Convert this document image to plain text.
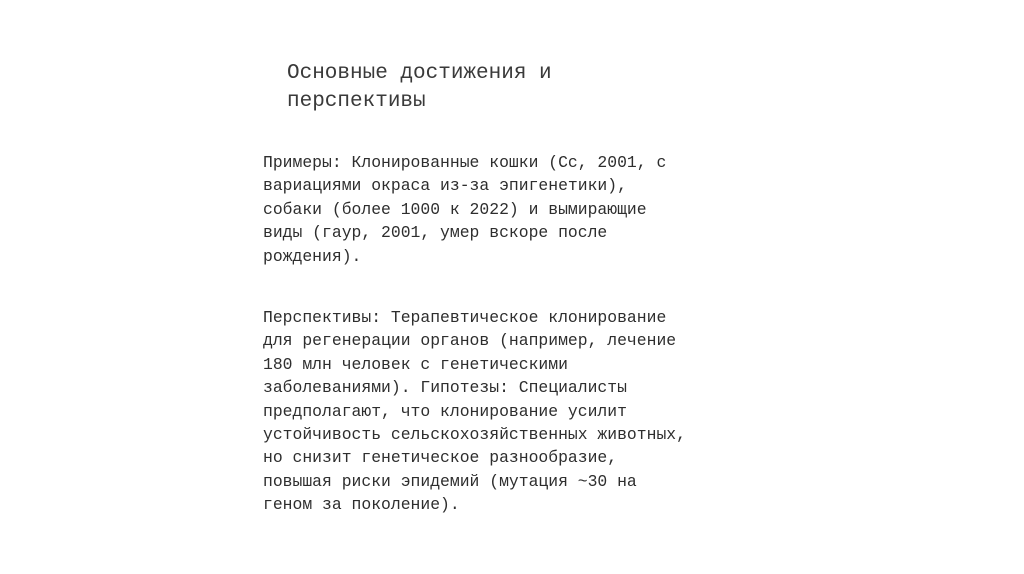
Основные достижения и
перспективы

Примеры: Клонированные кошки (Cc, 2001, с
вариациями окраса из-за эпигенетики),
собаки (более 1000 к 2022) и вымирающие
виды (гаур, 2001, умер вскоре после
рождения).

Перспективы: Терапевтическое клонирование
для регенерации органов (например, лечение
180 млн человек с генетическими
заболеваниями). Гипотезы: Специалисты
предполагают, что клонирование усилит
устойчивость сельскохозяйственных животных,
но снизит генетическое разнообразие,
повышая риски эпидемий (мутация ~30 на
геном за поколение).
